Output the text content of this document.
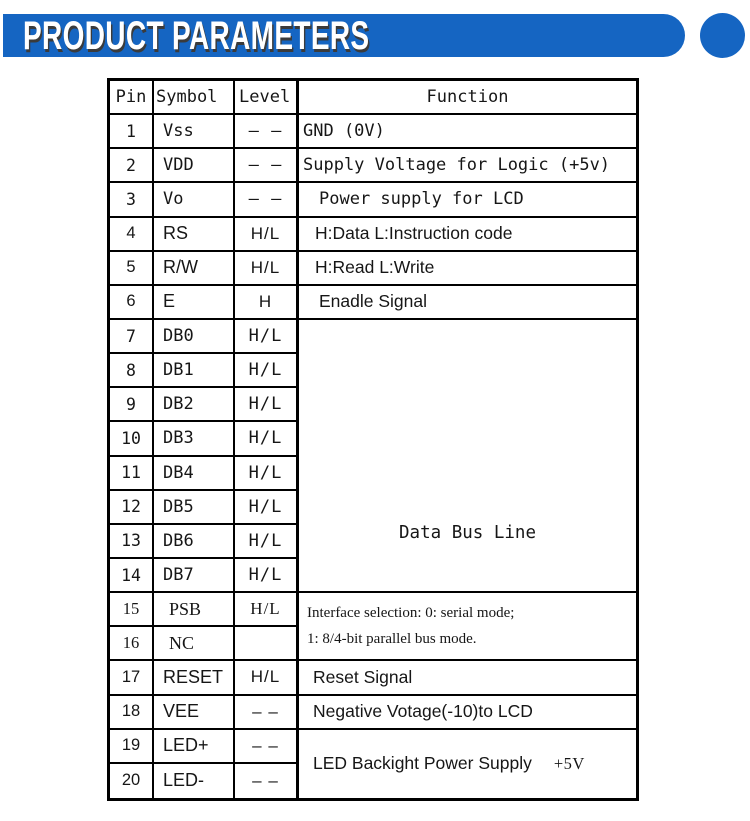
PRODUCT PARAMETERS
Pin Symbol	Level	Function
1	Vss	– –	GND (0V)
2	VDD	– –	Supply Voltage for Logic (+5v)
3	Vo	– –	Power supply for LCD
4	RS	H/L	H:Data L:Instruction code
5	R/W	H/L	H:Read L:Write
6	E	H	Enadle Signal
7	DB0	H/L
Data Bus Line
8	DB1	H/L
9	DB2	H/L
10	DB3	H/L
11	DB4	H/L
12	DB5	H/L
13	DB6	H/L
14	DB7	H/L
15	PSB	H/L	Interface selection: 0: serial mode;
1: 8/4-bit parallel bus mode.
16	NC
17	RESET	H/L	Reset Signal
18	VEE	– –	Negative Votage(-10)to LCD
19	LED+	– –
LED Backight Power Supply +5V
20	LED-	– –
